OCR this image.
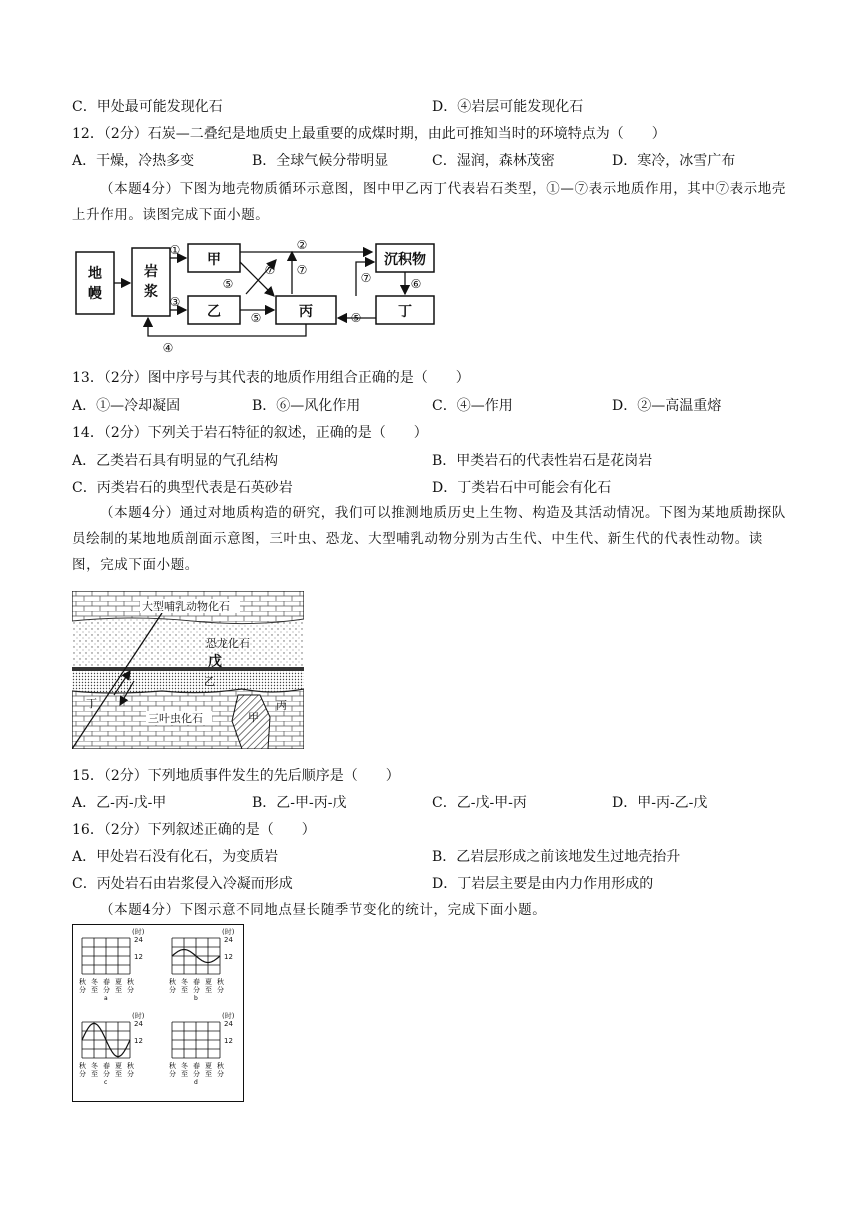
C．甲处最可能发现化石	D．④岩层可能发现化石
12．（2分）石炭—二叠纪是地质史上最重要的成煤时期，由此可推知当时的环境特点为（　　）
A．干燥，冷热多变	B．全球气候分带明显	C．湿润，森林茂密	D．寒冷，冰雪广布
（本题4分）下图为地壳物质循环示意图，图中甲乙丙丁代表岩石类型，①—⑦表示地质作用，其中⑦表示地壳上升作用。读图完成下面小题。
地
幔
岩
浆
甲
乙	丙
沉积物
丁
①
③
⑤
⑤	⑤
⑦ ⑦
⑦
②
⑥
④
13．（2分）图中序号与其代表的地质作用组合正确的是（　　）
A．①—冷却凝固	B．⑥—风化作用	C．④—作用	D．②—高温重熔
14．（2分）下列关于岩石特征的叙述，正确的是（　　）
A．乙类岩石具有明显的气孔结构	B．甲类岩石的代表性岩石是花岗岩
C．丙类岩石的典型代表是石英砂岩	D．丁类岩石中可能会有化石
（本题4分）通过对地质构造的研究，我们可以推测地质历史上生物、构造及其活动情况。下图为某地质勘探队员绘制的某地地质剖面示意图，三叶虫、恐龙、大型哺乳动物分别为古生代、中生代、新生代的代表性动物。读图，完成下面小题。
大型哺乳动物化石
恐龙化石
戊
乙
丁
三叶虫化石	甲
丙
15．（2分）下列地质事件发生的先后顺序是（　　）
A．乙-丙-戊-甲	B．乙-甲-丙-戊	C．乙-戊-甲-丙	D．甲-丙-乙-戊
16．（2分）下列叙述正确的是（　　）
A．甲处岩石没有化石，为变质岩	B．乙岩层形成之前该地发生过地壳抬升
C．丙处岩石由岩浆侵入冷凝而形成	D．丁岩层主要是由内力作用形成的
（本题4分）下图示意不同地点昼长随季节变化的统计，完成下面小题。
(时)
24
12
秋
分
冬
至
春
分
夏
至
秋
分
a
(时)
24
12
秋
分
冬
至
春
分
夏
至
秋
分
b
(时)
24
12
秋
分
冬
至
春
分
夏
至
秋
分
c
(时)
24
12
秋
分
冬
至
春
分
夏
至
秋
分
d
